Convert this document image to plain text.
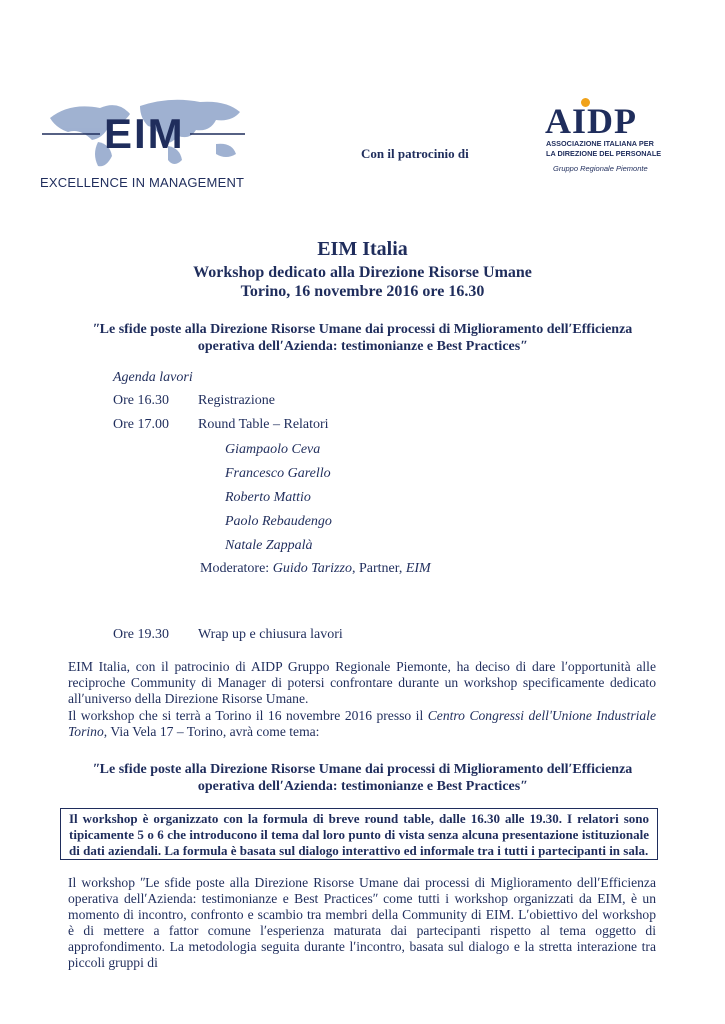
EIM
EXCELLENCE IN MANAGEMENT
Con il patrocinio di
AIDP
ASSOCIAZIONE ITALIANA PER
LA DIREZIONE DEL PERSONALE
Gruppo Regionale Piemonte
EIM Italia
Workshop dedicato alla Direzione Risorse Umane
Torino, 16 novembre 2016 ore 16.30
ʺLe sfide poste alla Direzione Risorse Umane dai processi di Miglioramento dellʹEfficienza
operativa dellʹAzienda: testimonianze e Best Practicesʺ
Agenda lavori
Ore 16.30 Registrazione
Ore 17.00 Round Table – Relatori
Giampaolo Ceva
Francesco Garello
Roberto Mattio
Paolo Rebaudengo
Natale Zappalà
Moderatore: Guido Tarizzo, Partner, EIM
Ore 19.30 Wrap up e chiusura lavori
EIM Italia, con il patrocinio di AIDP Gruppo Regionale Piemonte, ha deciso di dare lʹopportunità alle reciproche Community di Manager di potersi confrontare durante un workshop specificamente dedicato allʹuniverso della Direzione Risorse Umane.
Il workshop che si terrà a Torino il 16 novembre 2016 presso il Centro Congressi dellʹUnione Industriale Torino, Via Vela 17 – Torino, avrà come tema:
ʺLe sfide poste alla Direzione Risorse Umane dai processi di Miglioramento dellʹEfficienza
operativa dellʹAzienda: testimonianze e Best Practicesʺ
Il workshop è organizzato con la formula di breve round table, dalle 16.30 alle 19.30. I relatori sono tipicamente 5 o 6 che introducono il tema dal loro punto di vista senza alcuna presentazione istituzionale di dati aziendali. La formula è basata sul dialogo interattivo ed informale tra i tutti i partecipanti in sala.
Il workshop ʺLe sfide poste alla Direzione Risorse Umane dai processi di Miglioramento dellʹEfficienza operativa dellʹAzienda: testimonianze e Best Practicesʺ come tutti i workshop organizzati da EIM, è un momento di incontro, confronto e scambio tra membri della Community di EIM. Lʹobiettivo del workshop è di mettere a fattor comune lʹesperienza maturata dai partecipanti rispetto al tema oggetto di approfondimento. La metodologia seguita durante lʹincontro, basata sul dialogo e la stretta interazione tra piccoli gruppi di
